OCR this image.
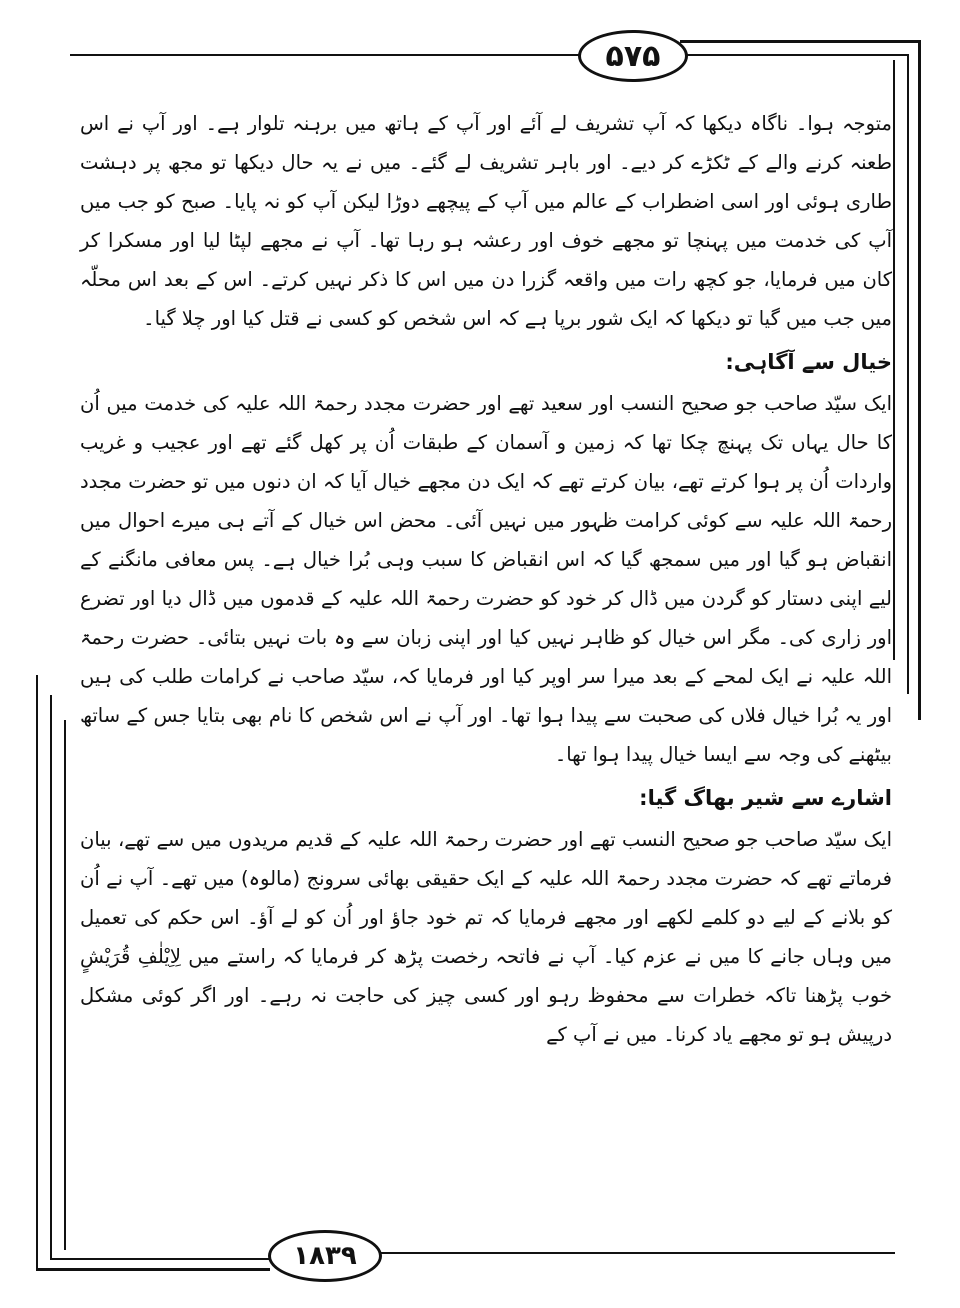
۵۷۵
۱۸۳۹

متوجہ ہوا۔ ناگاہ دیکھا کہ آپ تشریف لے آئے اور آپ کے ہاتھ میں برہنہ تلوار ہے۔ اور آپ نے اس طعنہ کرنے والے کے ٹکڑے کر دیے۔ اور باہر تشریف لے گئے۔ میں نے یہ حال دیکھا تو مجھ پر دہشت طاری ہوئی اور اسی اضطراب کے عالم میں آپ کے پیچھے دوڑا لیکن آپ کو نہ پایا۔ صبح کو جب میں آپ کی خدمت میں پہنچا تو مجھے خوف اور رعشہ ہو رہا تھا۔ آپ نے مجھے لپٹا لیا اور مسکرا کر کان میں فرمایا، جو کچھ رات میں واقعہ گزرا دن میں اس کا ذکر نہیں کرتے۔ اس کے بعد اس محلّہ میں جب میں گیا تو دیکھا کہ ایک شور برپا ہے کہ اس شخص کو کسی نے قتل کیا اور چلا گیا۔

خیال سے آگاہی:

ایک سیّد صاحب جو صحیح النسب اور سعید تھے اور حضرت مجدد رحمۃ اللہ علیہ کی خدمت میں اُن کا حال یہاں تک پہنچ چکا تھا کہ زمین و آسمان کے طبقات اُن پر کھل گئے تھے اور عجیب و غریب واردات اُن پر ہوا کرتے تھے، بیان کرتے تھے کہ ایک دن مجھے خیال آیا کہ ان دنوں میں تو حضرت مجدد رحمۃ اللہ علیہ سے کوئی کرامت ظہور میں نہیں آئی۔ محض اس خیال کے آتے ہی میرے احوال میں انقباض ہو گیا اور میں سمجھ گیا کہ اس انقباض کا سبب وہی بُرا خیال ہے۔ پس معافی مانگنے کے لیے اپنی دستار کو گردن میں ڈال کر خود کو حضرت رحمۃ اللہ علیہ کے قدموں میں ڈال دیا اور تضرع اور زاری کی۔ مگر اس خیال کو ظاہر نہیں کیا اور اپنی زبان سے وہ بات نہیں بتائی۔ حضرت رحمۃ اللہ علیہ نے ایک لمحے کے بعد میرا سر اوپر کیا اور فرمایا کہ، سیّد صاحب نے کرامات طلب کی ہیں اور یہ بُرا خیال فلاں کی صحبت سے پیدا ہوا تھا۔ اور آپ نے اس شخص کا نام بھی بتایا جس کے ساتھ بیٹھنے کی وجہ سے ایسا خیال پیدا ہوا تھا۔

اشارے سے شیر بھاگ گیا:

ایک سیّد صاحب جو صحیح النسب تھے اور حضرت رحمۃ اللہ علیہ کے قدیم مریدوں میں سے تھے، بیان فرماتے تھے کہ حضرت مجدد رحمۃ اللہ علیہ کے ایک حقیقی بھائی سرونج (مالوہ) میں تھے۔ آپ نے اُن کو بلانے کے لیے دو کلمے لکھے اور مجھے فرمایا کہ تم خود جاؤ اور اُن کو لے آؤ۔ اس حکم کی تعمیل میں وہاں جانے کا میں نے عزم کیا۔ آپ نے فاتحہ رخصت پڑھ کر فرمایا کہ راستے میں لِاِیْلٰفِ قُرَیْشٍ خوب پڑھنا تاکہ خطرات سے محفوظ رہو اور کسی چیز کی حاجت نہ رہے۔ اور اگر کوئی مشکل درپیش ہو تو مجھے یاد کرنا۔ میں نے آپ کے
